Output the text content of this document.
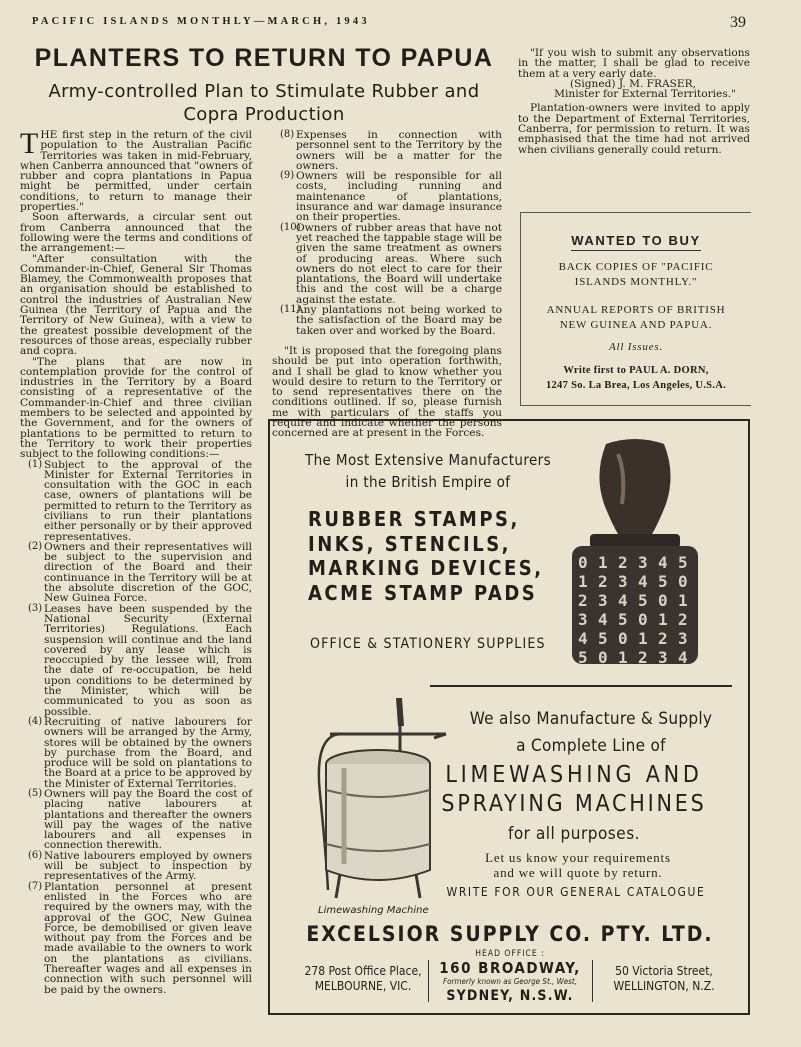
PACIFIC ISLANDS MONTHLY—MARCH, 1943	39
PLANTERS TO RETURN TO PAPUA
Army-controlled Plan to Stimulate Rubber and
Copra Production

THE first step in the return of the civil population to the Australian Pacific Territories was taken in mid-February, when Canberra announced that "owners of rubber and copra plantations in Papua might be permitted, under certain conditions, to return to manage their properties."

Soon afterwards, a circular sent out from Canberra announced that the following were the terms and conditions of the arrangement:—

"After consultation with the Commander-in-Chief, General Sir Thomas Blamey, the Commonwealth proposes that an organisation should be established to control the industries of Australian New Guinea (the Territory of Papua and the Territory of New Guinea), with a view to the greatest possible development of the resources of those areas, especially rubber and copra.

"The plans that are now in contemplation provide for the control of industries in the Territory by a Board consisting of a representative of the Commander-in-Chief and three civilian members to be selected and appointed by the Government, and for the owners of plantations to be permitted to return to the Territory to work their properties subject to the following conditions:—

(1) Subject to the approval of the Minister for External Territories in consultation with the GOC in each case, owners of plantations will be permitted to return to the Territory as civilians to run their plantations either personally or by their approved representatives.
(2) Owners and their representatives will be subject to the supervision and direction of the Board and their continuance in the Territory will be at the absolute discretion of the GOC, New Guinea Force.
(3) Leases have been suspended by the National Security (External Territories) Regulations. Each suspension will continue and the land covered by any lease which is reoccupied by the lessee will, from the date of re-occupation, be held upon conditions to be determined by the Minister, which will be communicated to you as soon as possible.
(4) Recruiting of native labourers for owners will be arranged by the Army, stores will be obtained by the owners by purchase from the Board, and produce will be sold on plantations to the Board at a price to be approved by the Minister of External Territories.
(5) Owners will pay the Board the cost of placing native labourers at plantations and thereafter the owners will pay the wages of the native labourers and all expenses in connection therewith.
(6) Native labourers employed by owners will be subject to inspection by representatives of the Army.
(7) Plantation personnel at present enlisted in the Forces who are required by the owners may, with the approval of the GOC, New Guinea Force, be demobilised or given leave without pay from the Forces and be made available to the owners to work on the plantations as civilians. Thereafter wages and all expenses in connection with such personnel will be paid by the owners.
(8) Expenses in connection with personnel sent to the Territory by the owners will be a matter for the owners.
(9) Owners will be responsible for all costs, including running and maintenance of plantations, insurance and war damage insurance on their properties.
(10)
Owners of rubber areas that have not yet reached the tappable stage will be given the same treatment as owners of producing areas. Where such owners do not elect to care for their plantations, the Board will undertake this and the cost will be a charge against the estate.
(11)
Any plantations not being worked to the satisfaction of the Board may be taken over and worked by the Board.

"It is proposed that the foregoing plans should be put into operation forthwith, and I shall be glad to know whether you would desire to return to the Territory or to send representatives there on the conditions outlined. If so, please furnish me with particulars of the staffs you require and indicate whether the persons concerned are at present in the Forces.

"If you wish to submit any observations in the matter, I shall be glad to receive them at a very early date.

(Signed) J. M. FRASER,

Minister for External Territories."

Plantation-owners were invited to apply to the Department of External Territories, Canberra, for permission to return. It was emphasised that the time had not arrived when civilians generally could return.

WANTED TO BUY
BACK COPIES OF "PACIFIC
ISLANDS MONTHLY."
ANNUAL REPORTS OF BRITISH
NEW GUINEA AND PAPUA.
All Issues.
Write first to PAUL A. DORN,
1247 So. La Brea, Los Angeles, U.S.A.
The Most Extensive Manufacturers
in the British Empire of
RUBBER STAMPS,
INKS, STENCILS,
MARKING DEVICES,
ACME STAMP PADS
OFFICE & STATIONERY SUPPLIES
0 1 2 3 4 5
1 2 3 4 5 0
2 3 4 5 0 1
3 4 5 0 1 2
4 5 0 1 2 3
5 0 1 2 3 4
We also Manufacture & Supply
a Complete Line of
LIMEWASHING AND
SPRAYING MACHINES
for all purposes.
Let us know your requirements
and we will quote by return.
WRITE FOR OUR GENERAL CATALOGUE
Limewashing Machine
EXCELSIOR SUPPLY CO. PTY. LTD.
HEAD OFFICE :
160 BROADWAY,
Formerly known as George St., West,
SYDNEY, N.S.W.
278 Post Office Place,
MELBOURNE, VIC.
50 Victoria Street,
WELLINGTON, N.Z.
